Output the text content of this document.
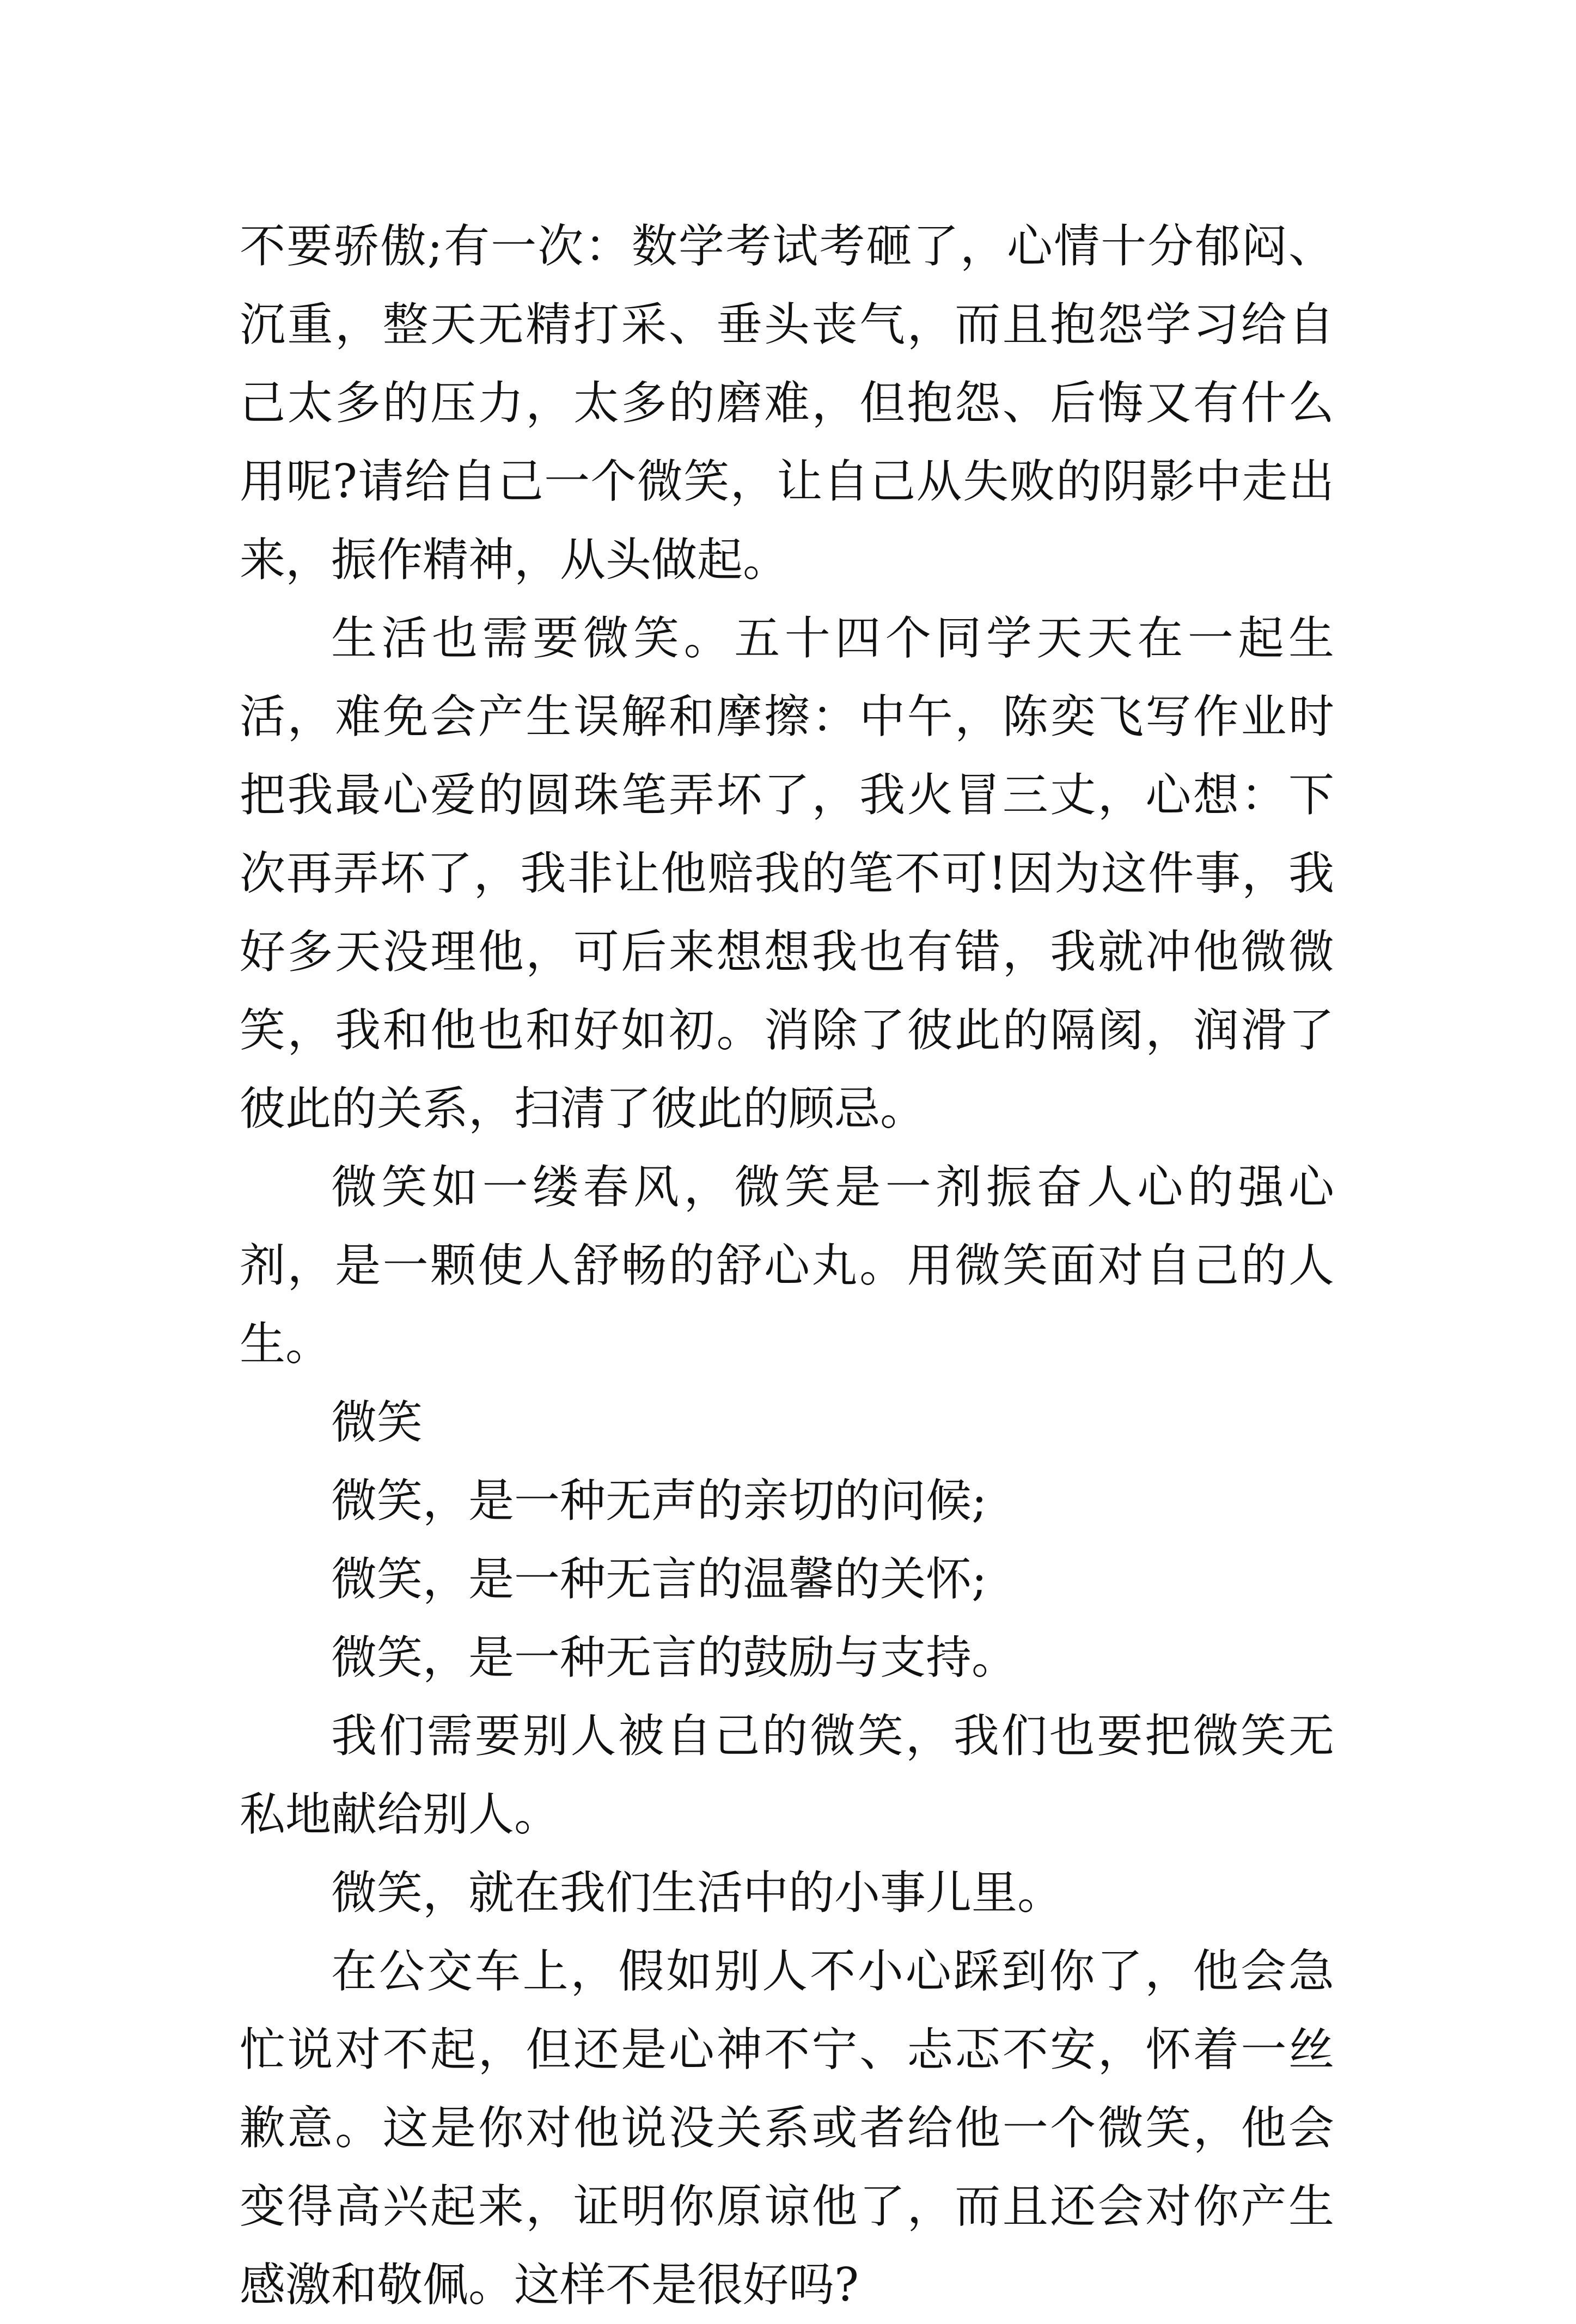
不要骄傲;有一次：数学考试考砸了，心情十分郁闷、沉重，整天无精打采、垂头丧气，而且抱怨学习给自己太多的压力，太多的磨难，但抱怨、后悔又有什么用呢?请给自己一个微笑，让自己从失败的阴影中走出来，振作精神，从头做起。

生活也需要微笑。五十四个同学天天在一起生活，难免会产生误解和摩擦：中午，陈奕飞写作业时把我最心爱的圆珠笔弄坏了，我火冒三丈，心想：下次再弄坏了，我非让他赔我的笔不可!因为这件事，我好多天没理他，可后来想想我也有错，我就冲他微微笑，我和他也和好如初。消除了彼此的隔阂，润滑了彼此的关系，扫清了彼此的顾忌。

微笑如一缕春风，微笑是一剂振奋人心的强心剂，是一颗使人舒畅的舒心丸。用微笑面对自己的人生。

微笑

微笑，是一种无声的亲切的问候;

微笑，是一种无言的温馨的关怀;

微笑，是一种无言的鼓励与支持。

我们需要别人被自己的微笑，我们也要把微笑无私地献给别人。

微笑，就在我们生活中的小事儿里。

在公交车上，假如别人不小心踩到你了，他会急忙说对不起，但还是心神不宁、忐忑不安，怀着一丝歉意。这是你对他说没关系或者给他一个微笑，他会变得高兴起来，证明你原谅他了，而且还会对你产生感激和敬佩。这样不是很好吗?
